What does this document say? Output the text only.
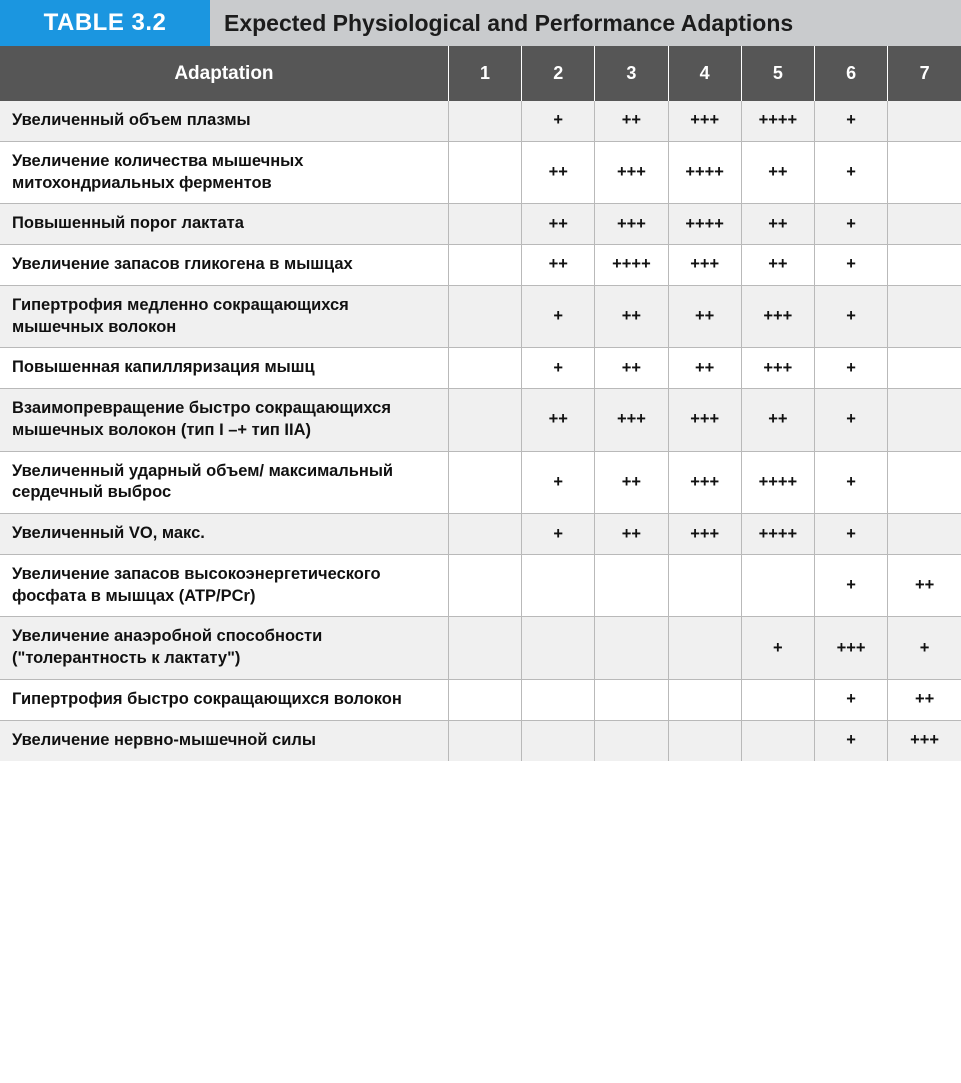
TABLE 3.2	Expected Physiological and Performance Adaptions
Adaptation	1	2	3	4	5	6	7
Увеличенный объем плазмы		+	++	+++	++++	+	
Увеличение количества мышечных митохондриальных ферментов		++	+++	++++	++	+	
Повышенный порог лактата		++	+++	++++	++	+	
Увеличение запасов гликогена в мышцах		++	++++	+++	++	+	
Гипертрофия медленно сокращающихся мышечных волокон		+	++	++	+++	+	
Повышенная капилляризация мышц		+	++	++	+++	+	
Взаимопревращение быстро сокращающихся мышечных волокон (тип I –+ тип IIA)		++	+++	+++	++	+	
Увеличенный ударный объем/ максимальный сердечный выброс		+	++	+++	++++	+	
Увеличенный VO, макс.		+	++	+++	++++	+	
Увеличение запасов высокоэнергетического фосфата в мышцах (ATP/PCr)						+	++
Увеличение анаэробной способности ("толерантность к лактату")					+	+++	+
Гипертрофия быстро сокращающихся волокон						+	++
Увеличение нервно-мышечной силы						+	+++
